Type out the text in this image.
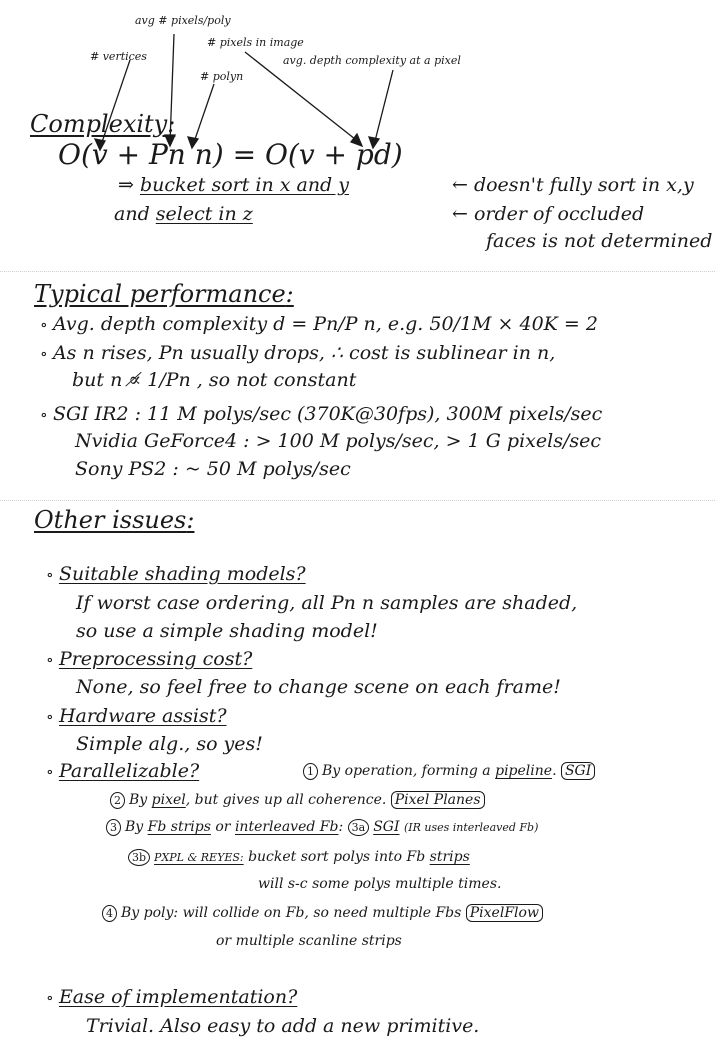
avg # pixels/poly
# pixels in image
# vertices	avg. depth complexity at a pixel
# polyn
Complexity:
O(v + Pn n) = O(v + pd)
⇒ bucket sort in x and y
and select in z
← doesn't fully sort in x,y
← order of occluded
faces is not determined
Typical performance:
∘ Avg. depth complexity d = Pn/P n, e.g. 50/1M × 40K = 2
∘ As n rises, Pn usually drops, ∴ cost is sublinear in n,
but n ∝̸ 1/Pn , so not constant
∘ SGI IR2 : 11 M polys/sec (370K@30fps), 300M pixels/sec
Nvidia GeForce4 : > 100 M polys/sec, > 1 G pixels/sec
Sony PS2 : ~ 50 M polys/sec
Other issues:
∘ Suitable shading models?
If worst case ordering, all Pn n samples are shaded,
so use a simple shading model!
∘ Preprocessing cost?
None, so feel free to change scene on each frame!
∘ Hardware assist?
Simple alg., so yes!
∘ Parallelizable?	1 By operation, forming a pipeline. SGI
2 By pixel, but gives up all coherence. Pixel Planes
3 By Fb strips or interleaved Fb: 3a SGI (IR uses interleaved Fb)
3b PXPL & REYES: bucket sort polys into Fb strips
will s-c some polys multiple times.
4 By poly: will collide on Fb, so need multiple Fbs PixelFlow
or multiple scanline strips
∘ Ease of implementation?
Trivial. Also easy to add a new primitive.
